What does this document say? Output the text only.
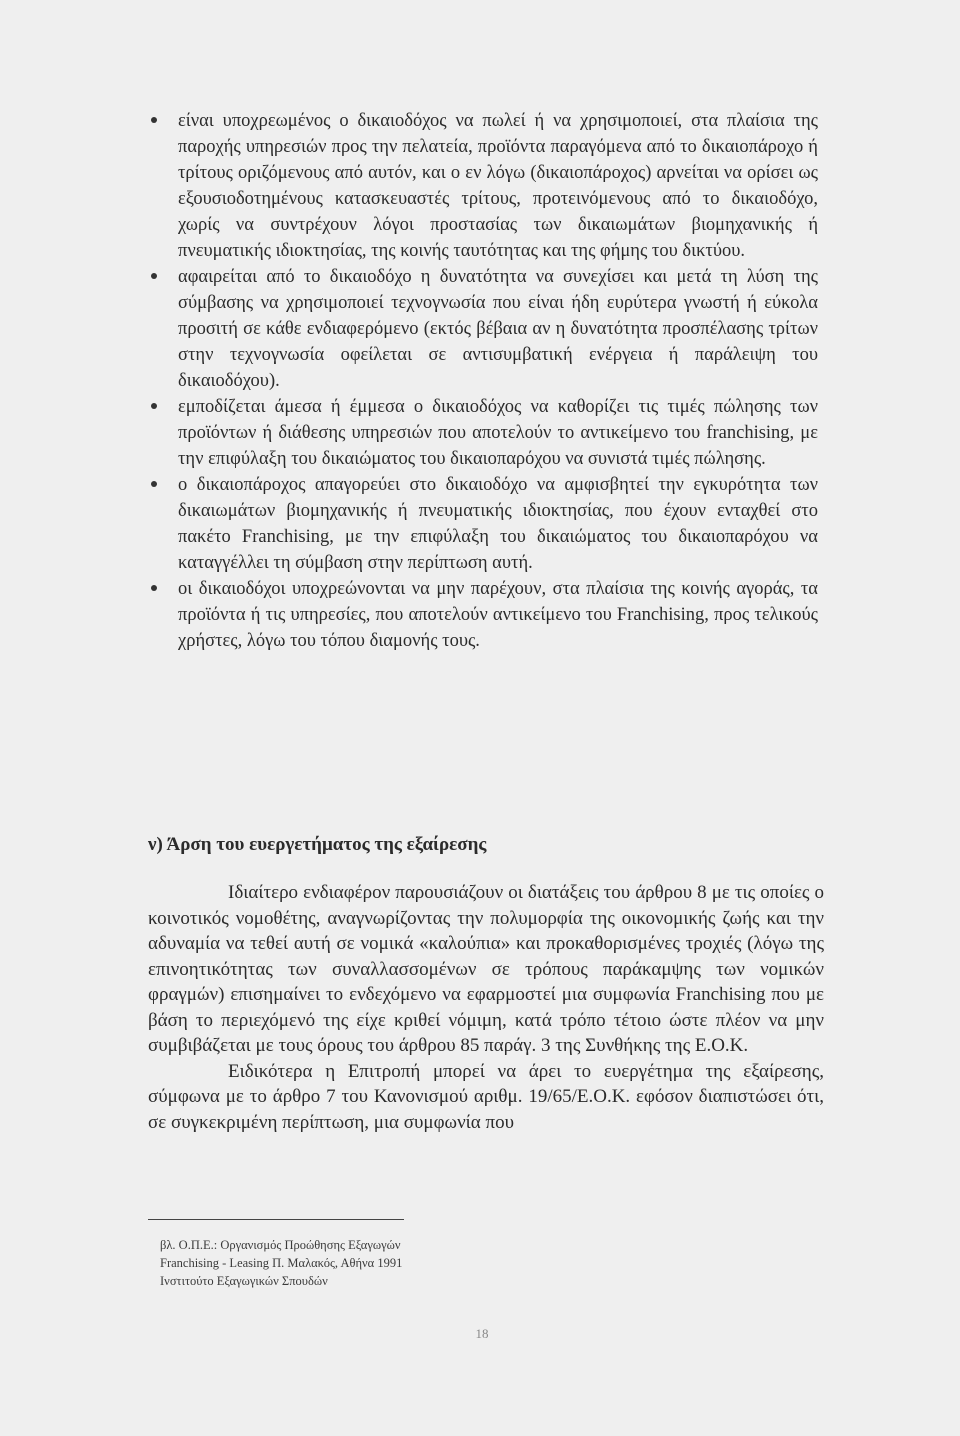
είναι υποχρεωμένος ο δικαιοδόχος να πωλεί ή να χρησιμοποιεί, στα πλαίσια της παροχής υπηρεσιών προς την πελατεία, προϊόντα παραγόμενα από το δικαιοπάροχο ή τρίτους οριζόμενους από αυτόν, και ο εν λόγω (δικαιοπάροχος) αρνείται να ορίσει ως εξουσιοδοτημένους κατασκευαστές τρίτους, προτεινόμενους από το δικαιοδόχο, χωρίς να συντρέχουν λόγοι προστασίας των δικαιωμάτων βιομηχανικής ή πνευματικής ιδιοκτησίας, της κοινής ταυτότητας και της φήμης του δικτύου.
αφαιρείται από το δικαιοδόχο η δυνατότητα να συνεχίσει και μετά τη λύση της σύμβασης να χρησιμοποιεί τεχνογνωσία που είναι ήδη ευρύτερα γνωστή ή εύκολα προσιτή σε κάθε ενδιαφερόμενο (εκτός βέβαια αν η δυνατότητα προσπέλασης τρίτων στην τεχνογνωσία οφείλεται σε αντισυμβατική ενέργεια ή παράλειψη του δικαιοδόχου).
εμποδίζεται άμεσα ή έμμεσα ο δικαιοδόχος να καθορίζει τις τιμές πώλησης των προϊόντων ή διάθεσης υπηρεσιών που αποτελούν το αντικείμενο του franchising, με την επιφύλαξη του δικαιώματος του δικαιοπαρόχου να συνιστά τιμές πώλησης.
ο δικαιοπάροχος απαγορεύει στο δικαιοδόχο να αμφισβητεί την εγκυρότητα των δικαιωμάτων βιομηχανικής ή πνευματικής ιδιοκτησίας, που έχουν ενταχθεί στο πακέτο Franchising, με την επιφύλαξη του δικαιώματος του δικαιοπαρόχου να καταγγέλλει τη σύμβαση στην περίπτωση αυτή.
οι δικαιοδόχοι υποχρεώνονται να μην παρέχουν, στα πλαίσια της κοινής αγοράς, τα προϊόντα ή τις υπηρεσίες, που αποτελούν αντικείμενο του Franchising, προς τελικούς χρήστες, λόγω του τόπου διαμονής τους.
ν) Άρση του ευεργετήματος της εξαίρεσης

Ιδιαίτερο ενδιαφέρον παρουσιάζουν οι διατάξεις του άρθρου 8 με τις οποίες ο κοινοτικός νομοθέτης, αναγνωρίζοντας την πολυμορφία της οικονομικής ζωής και την αδυναμία να τεθεί αυτή σε νομικά «καλούπια» και προκαθορισμένες τροχιές (λόγω της επινοητικότητας των συναλλασσομένων σε τρόπους παράκαμψης των νομικών φραγμών) επισημαίνει το ενδεχόμενο να εφαρμοστεί μια συμφωνία Franchising που με βάση το περιεχόμενό της είχε κριθεί νόμιμη, κατά τρόπο τέτοιο ώστε πλέον να μην συμβιβάζεται με τους όρους του άρθρου 85 παράγ. 3 της Συνθήκης της Ε.Ο.Κ.

Ειδικότερα η Επιτροπή μπορεί να άρει το ευεργέτημα της εξαίρεσης, σύμφωνα με το άρθρο 7 του Κανονισμού αριθμ. 19/65/Ε.Ο.Κ. εφόσον διαπιστώσει ότι, σε συγκεκριμένη περίπτωση, μια συμφωνία που

βλ. Ο.Π.Ε.: Οργανισμός Προώθησης Εξαγωγών

Franchising - Leasing Π. Μαλακός, Αθήνα 1991

Ινστιτούτο Εξαγωγικών Σπουδών

18
